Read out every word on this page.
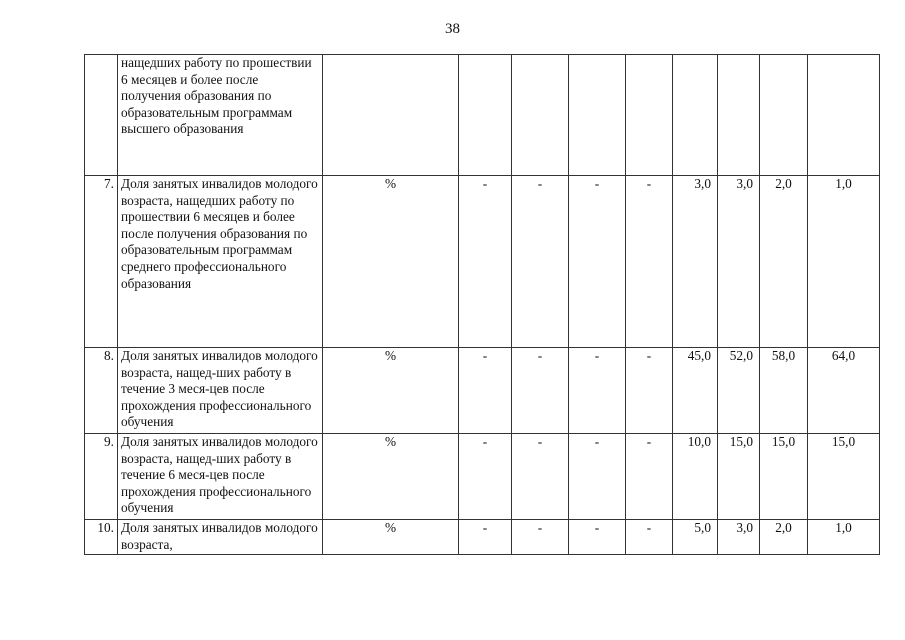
38
	нащедших работу по прошествии 6 месяцев и более после получения образования по образовательным программам высшего образования									
7.	Доля занятых инвалидов молодого возраста, нащедших работу по прошествии 6 месяцев и более после получения образования по образовательным программам среднего профессионального образования	%	-	-	-	-	3,0	3,0	2,0	1,0
8.	Доля занятых инвалидов молодого возраста, нащед-ших работу в течение 3 меся-цев после прохождения профессионального обучения	%	-	-	-	-	45,0	52,0	58,0	64,0
9.	Доля занятых инвалидов молодого возраста, нащед-ших работу в течение 6 меся-цев после прохождения профессионального обучения	%	-	-	-	-	10,0	15,0	15,0	15,0
10.	Доля занятых инвалидов молодого возраста,	%	-	-	-	-	5,0	3,0	2,0	1,0
